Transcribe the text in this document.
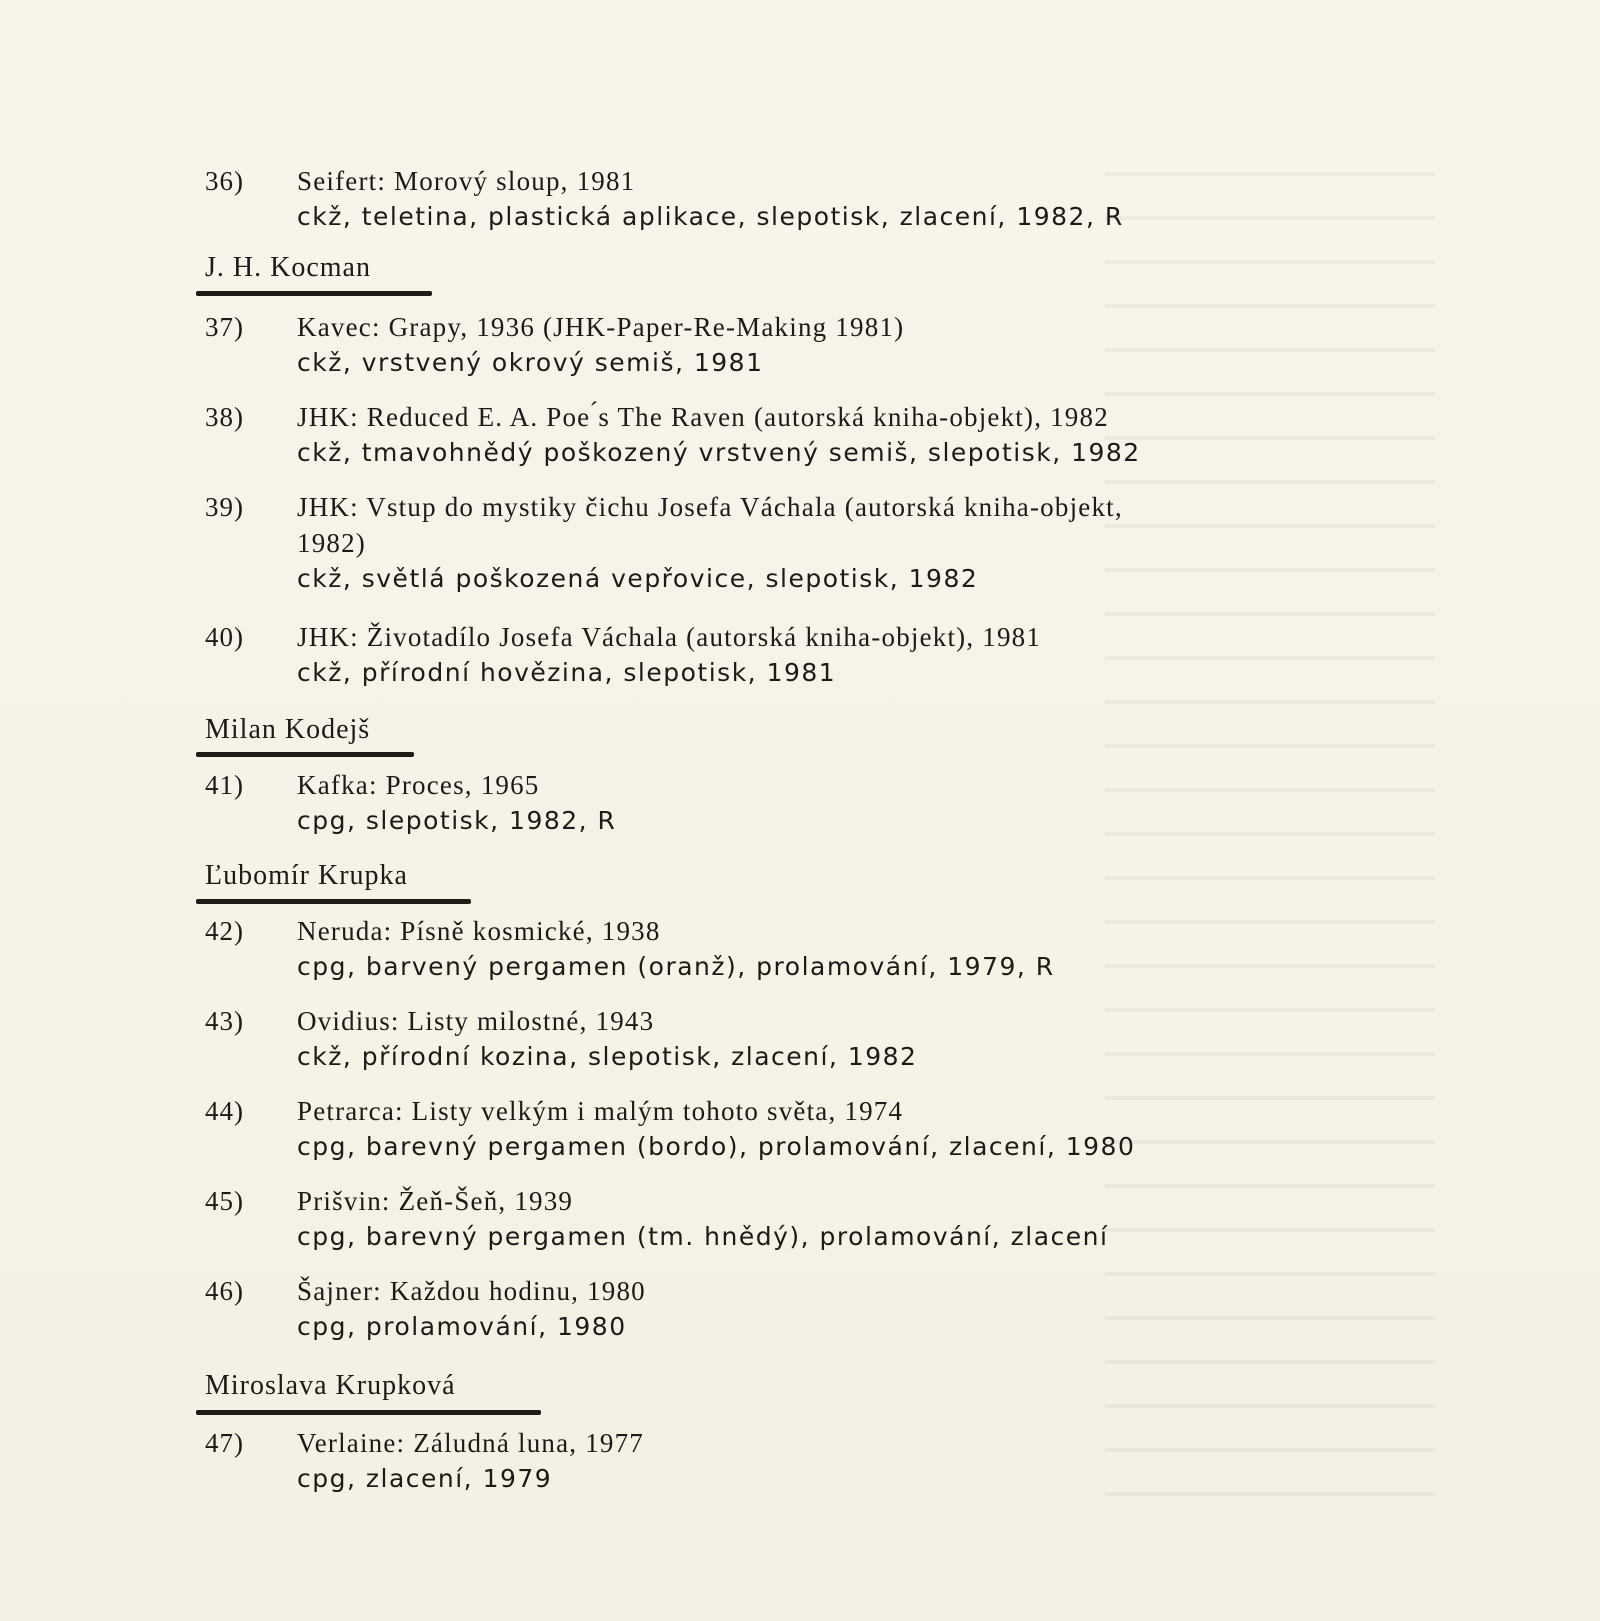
36) Seifert: Morový sloup, 1981
ckž, teletina, plastická aplikace, slepotisk, zlacení, 1982, R
J. H. Kocman
37) Kavec: Grapy, 1936 (JHK-Paper-Re-Making 1981)
ckž, vrstvený okrový semiš, 1981
38) JHK: Reduced E. A. Poe ́s The Raven (autorská kniha-objekt), 1982
ckž, tmavohnědý poškozený vrstvený semiš, slepotisk, 1982
39) JHK: Vstup do mystiky čichu Josefa Váchala (autorská kniha-objekt,
1982)
ckž, světlá poškozená vepřovice, slepotisk, 1982
40) JHK: Životadílo Josefa Váchala (autorská kniha-objekt), 1981
ckž, přírodní hovězina, slepotisk, 1981
Milan Kodejš
41) Kafka: Proces, 1965
cpg, slepotisk, 1982, R
Ľubomír Krupka
42) Neruda: Písně kosmické, 1938
cpg, barvený pergamen (oranž), prolamování, 1979, R
43) Ovidius: Listy milostné, 1943
ckž, přírodní kozina, slepotisk, zlacení, 1982
44) Petrarca: Listy velkým i malým tohoto světa, 1974
cpg, barevný pergamen (bordo), prolamování, zlacení, 1980
45) Prišvin: Žeň-Šeň, 1939
cpg, barevný pergamen (tm. hnědý), prolamování, zlacení
46) Šajner: Každou hodinu, 1980
cpg, prolamování, 1980
Miroslava Krupková
47) Verlaine: Záludná luna, 1977
cpg, zlacení, 1979
